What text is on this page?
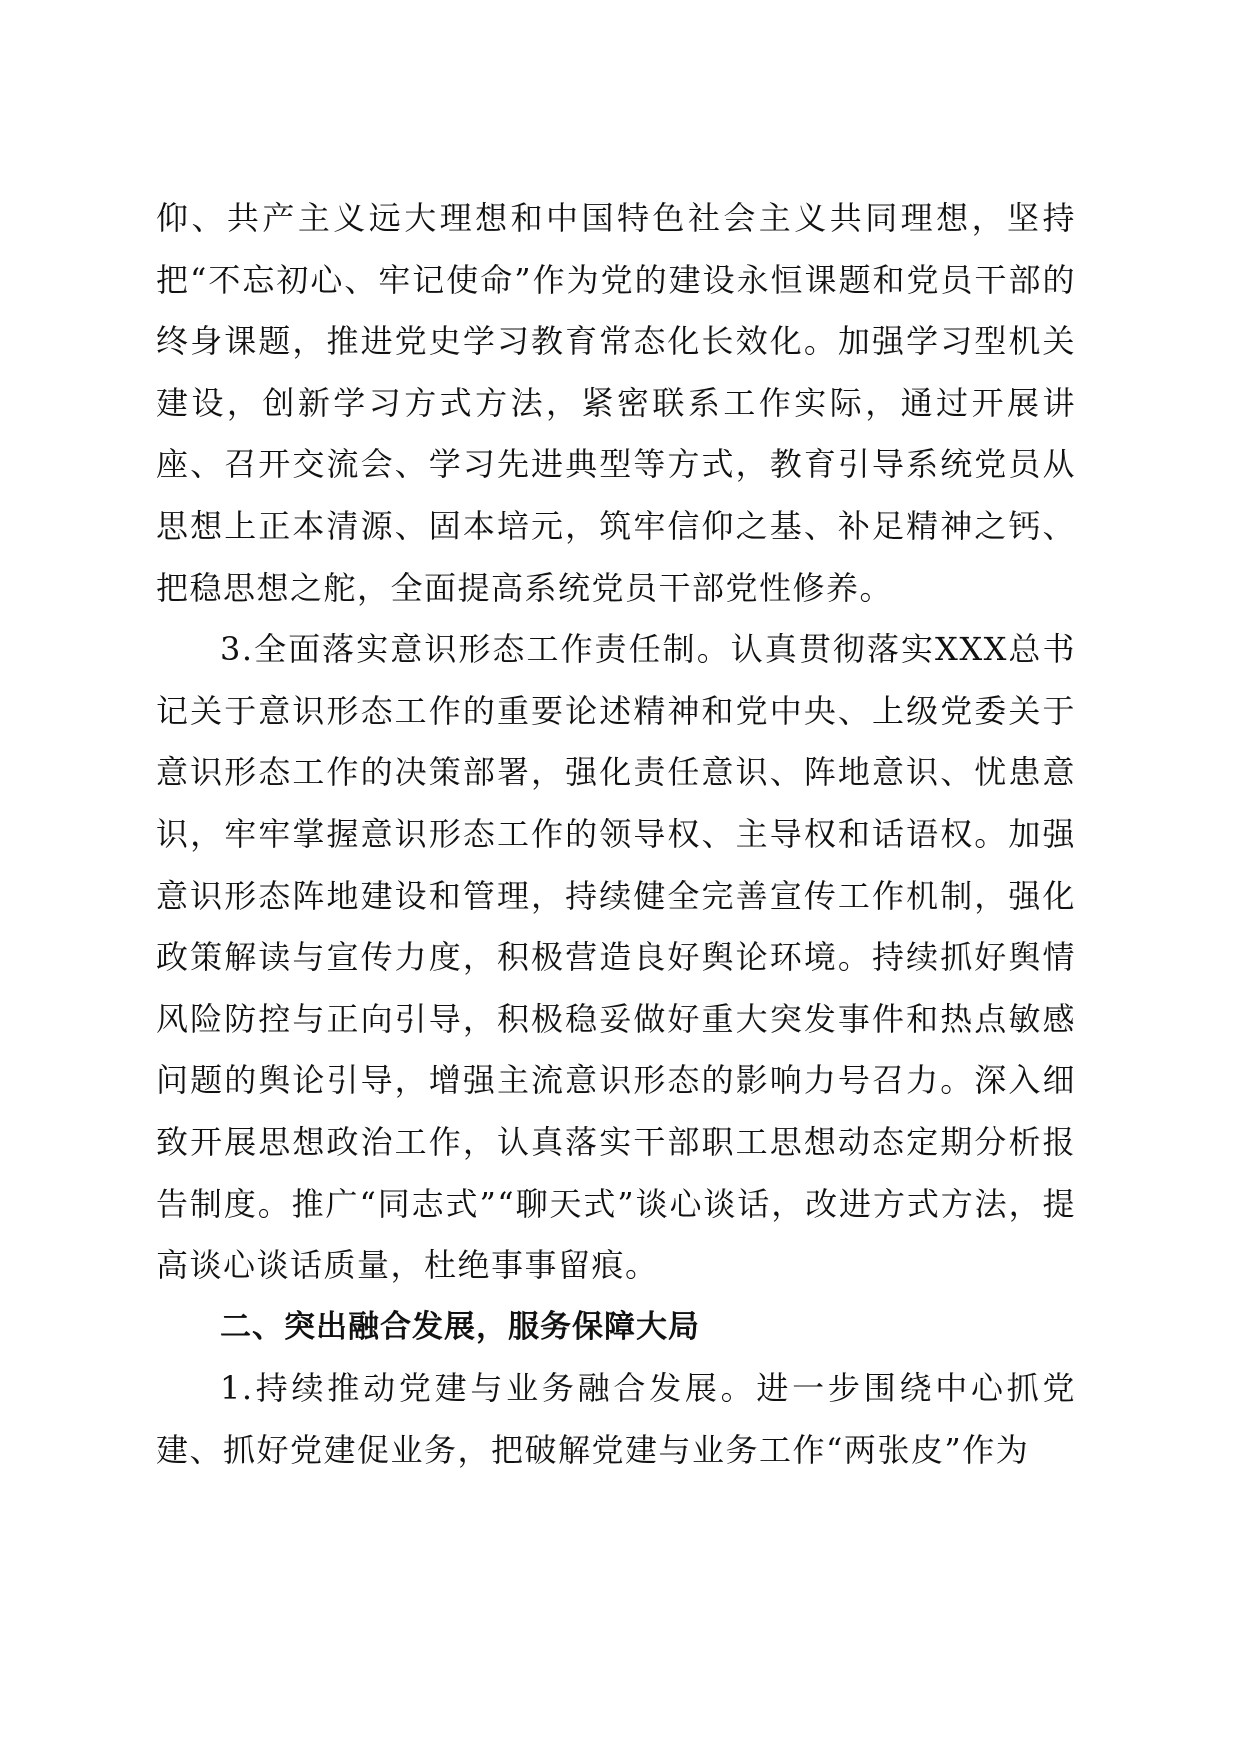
仰、共产主义远大理想和中国特色社会主义共同理想，坚持把“不忘初心、牢记使命”作为党的建设永恒课题和党员干部的终身课题，推进党史学习教育常态化长效化。加强学习型机关建设，创新学习方式方法，紧密联系工作实际，通过开展讲座、召开交流会、学习先进典型等方式，教育引导系统党员从思想上正本清源、固本培元，筑牢信仰之基、补足精神之钙、把稳思想之舵，全面提高系统党员干部党性修养。

3.全面落实意识形态工作责任制。认真贯彻落实XXX总书记关于意识形态工作的重要论述精神和党中央、上级党委关于意识形态工作的决策部署，强化责任意识、阵地意识、忧患意识，牢牢掌握意识形态工作的领导权、主导权和话语权。加强意识形态阵地建设和管理，持续健全完善宣传工作机制，强化政策解读与宣传力度，积极营造良好舆论环境。持续抓好舆情风险防控与正向引导，积极稳妥做好重大突发事件和热点敏感问题的舆论引导，增强主流意识形态的影响力号召力。深入细致开展思想政治工作，认真落实干部职工思想动态定期分析报告制度。推广“同志式”“聊天式”谈心谈话，改进方式方法，提高谈心谈话质量，杜绝事事留痕。

二、突出融合发展，服务保障大局

1.持续推动党建与业务融合发展。进一步围绕中心抓党建、抓好党建促业务，把破解党建与业务工作“两张皮”作为
